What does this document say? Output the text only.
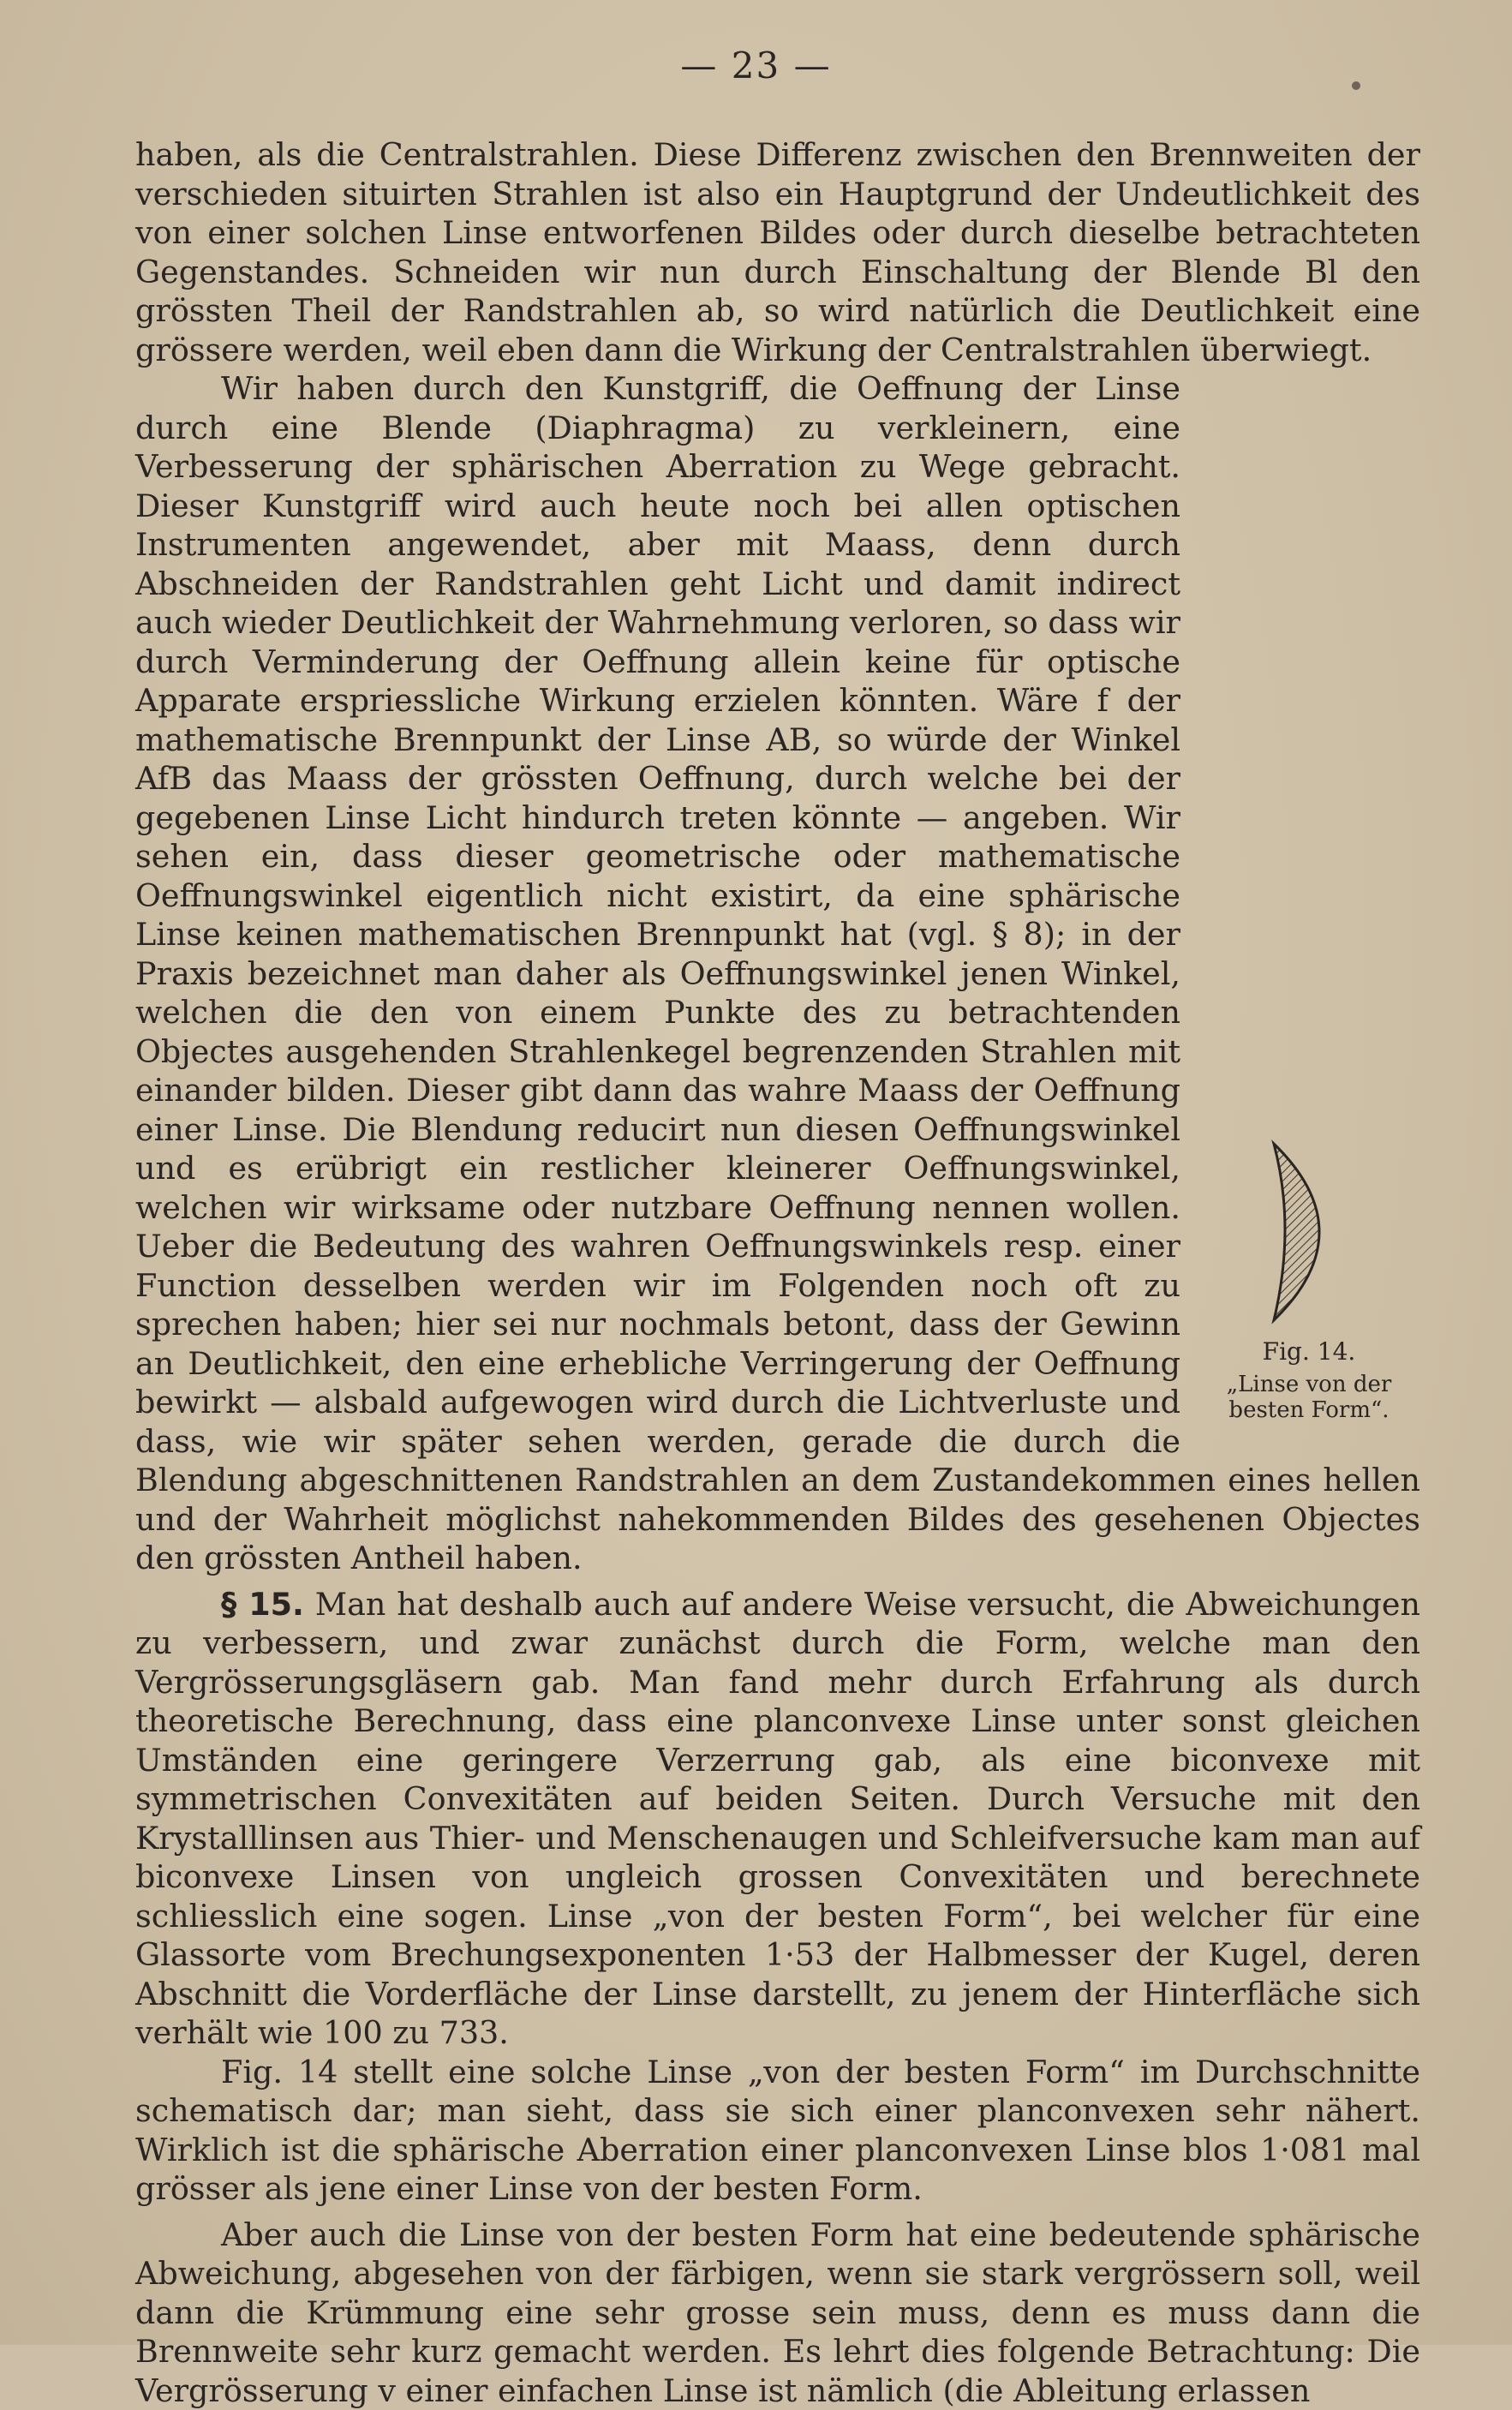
— 23 —

haben, als die Centralstrahlen. Diese Differenz zwischen den Brennweiten der verschieden situirten Strahlen ist also ein Hauptgrund der Undeutlichkeit des von einer solchen Linse entworfenen Bildes oder durch dieselbe betrachteten Gegenstandes. Schneiden wir nun durch Einschaltung der Blende Bl den grössten Theil der Randstrahlen ab, so wird natürlich die Deutlichkeit eine grössere werden, weil eben dann die Wirkung der Centralstrahlen überwiegt.

Fig. 14.
„Linse von der besten Form“.

Wir haben durch den Kunstgriff, die Oeffnung der Linse durch eine Blende (Diaphragma) zu verkleinern, eine Verbesserung der sphärischen Aberration zu Wege gebracht. Dieser Kunstgriff wird auch heute noch bei allen optischen Instrumenten angewendet, aber mit Maass, denn durch Abschneiden der Randstrahlen geht Licht und damit indirect auch wieder Deutlichkeit der Wahrnehmung verloren, so dass wir durch Verminderung der Oeffnung allein keine für optische Apparate erspriessliche Wirkung erzielen könnten. Wäre f der mathematische Brennpunkt der Linse AB, so würde der Winkel AfB das Maass der grössten Oeffnung, durch welche bei der gegebenen Linse Licht hindurch treten könnte — angeben. Wir sehen ein, dass dieser geometrische oder mathematische Oeffnungswinkel eigentlich nicht existirt, da eine sphärische Linse keinen mathematischen Brennpunkt hat (vgl. § 8); in der Praxis bezeichnet man daher als Oeffnungswinkel jenen Winkel, welchen die den von einem Punkte des zu betrachtenden Objectes ausgehenden Strahlenkegel begrenzenden Strahlen mit einander bilden. Dieser gibt dann das wahre Maass der Oeffnung einer Linse. Die Blendung reducirt nun diesen Oeffnungswinkel und es erübrigt ein restlicher kleinerer Oeffnungswinkel, welchen wir wirksame oder nutzbare Oeffnung nennen wollen. Ueber die Bedeutung des wahren Oeffnungswinkels resp. einer Function desselben werden wir im Folgenden noch oft zu sprechen haben; hier sei nur nochmals betont, dass der Gewinn an Deutlichkeit, den eine erhebliche Verringerung der Oeffnung bewirkt — alsbald aufgewogen wird durch die Lichtverluste und dass, wie wir später sehen werden, gerade die durch die Blendung abgeschnittenen Randstrahlen an dem Zustandekommen eines hellen und der Wahrheit möglichst nahekommenden Bildes des gesehenen Objectes den grössten Antheil haben.

§ 15. Man hat deshalb auch auf andere Weise versucht, die Abweichungen zu verbessern, und zwar zunächst durch die Form, welche man den Vergrösserungsgläsern gab. Man fand mehr durch Erfahrung als durch theoretische Berechnung, dass eine planconvexe Linse unter sonst gleichen Umständen eine geringere Verzerrung gab, als eine biconvexe mit symmetrischen Convexitäten auf beiden Seiten. Durch Versuche mit den Krystalllinsen aus Thier- und Menschenaugen und Schleifversuche kam man auf biconvexe Linsen von ungleich grossen Convexitäten und berechnete schliesslich eine sogen. Linse „von der besten Form“, bei welcher für eine Glassorte vom Brechungsexponenten 1·53 der Halbmesser der Kugel, deren Abschnitt die Vorderfläche der Linse darstellt, zu jenem der Hinterfläche sich verhält wie 100 zu 733.

Fig. 14 stellt eine solche Linse „von der besten Form“ im Durchschnitte schematisch dar; man sieht, dass sie sich einer planconvexen sehr nähert. Wirklich ist die sphärische Aberration einer planconvexen Linse blos 1·081 mal grösser als jene einer Linse von der besten Form.

Aber auch die Linse von der besten Form hat eine bedeutende sphärische Abweichung, abgesehen von der färbigen, wenn sie stark vergrössern soll, weil dann die Krümmung eine sehr grosse sein muss, denn es muss dann die Brennweite sehr kurz gemacht werden. Es lehrt dies folgende Betrachtung: Die Vergrösserung v einer einfachen Linse ist nämlich (die Ableitung erlassen
